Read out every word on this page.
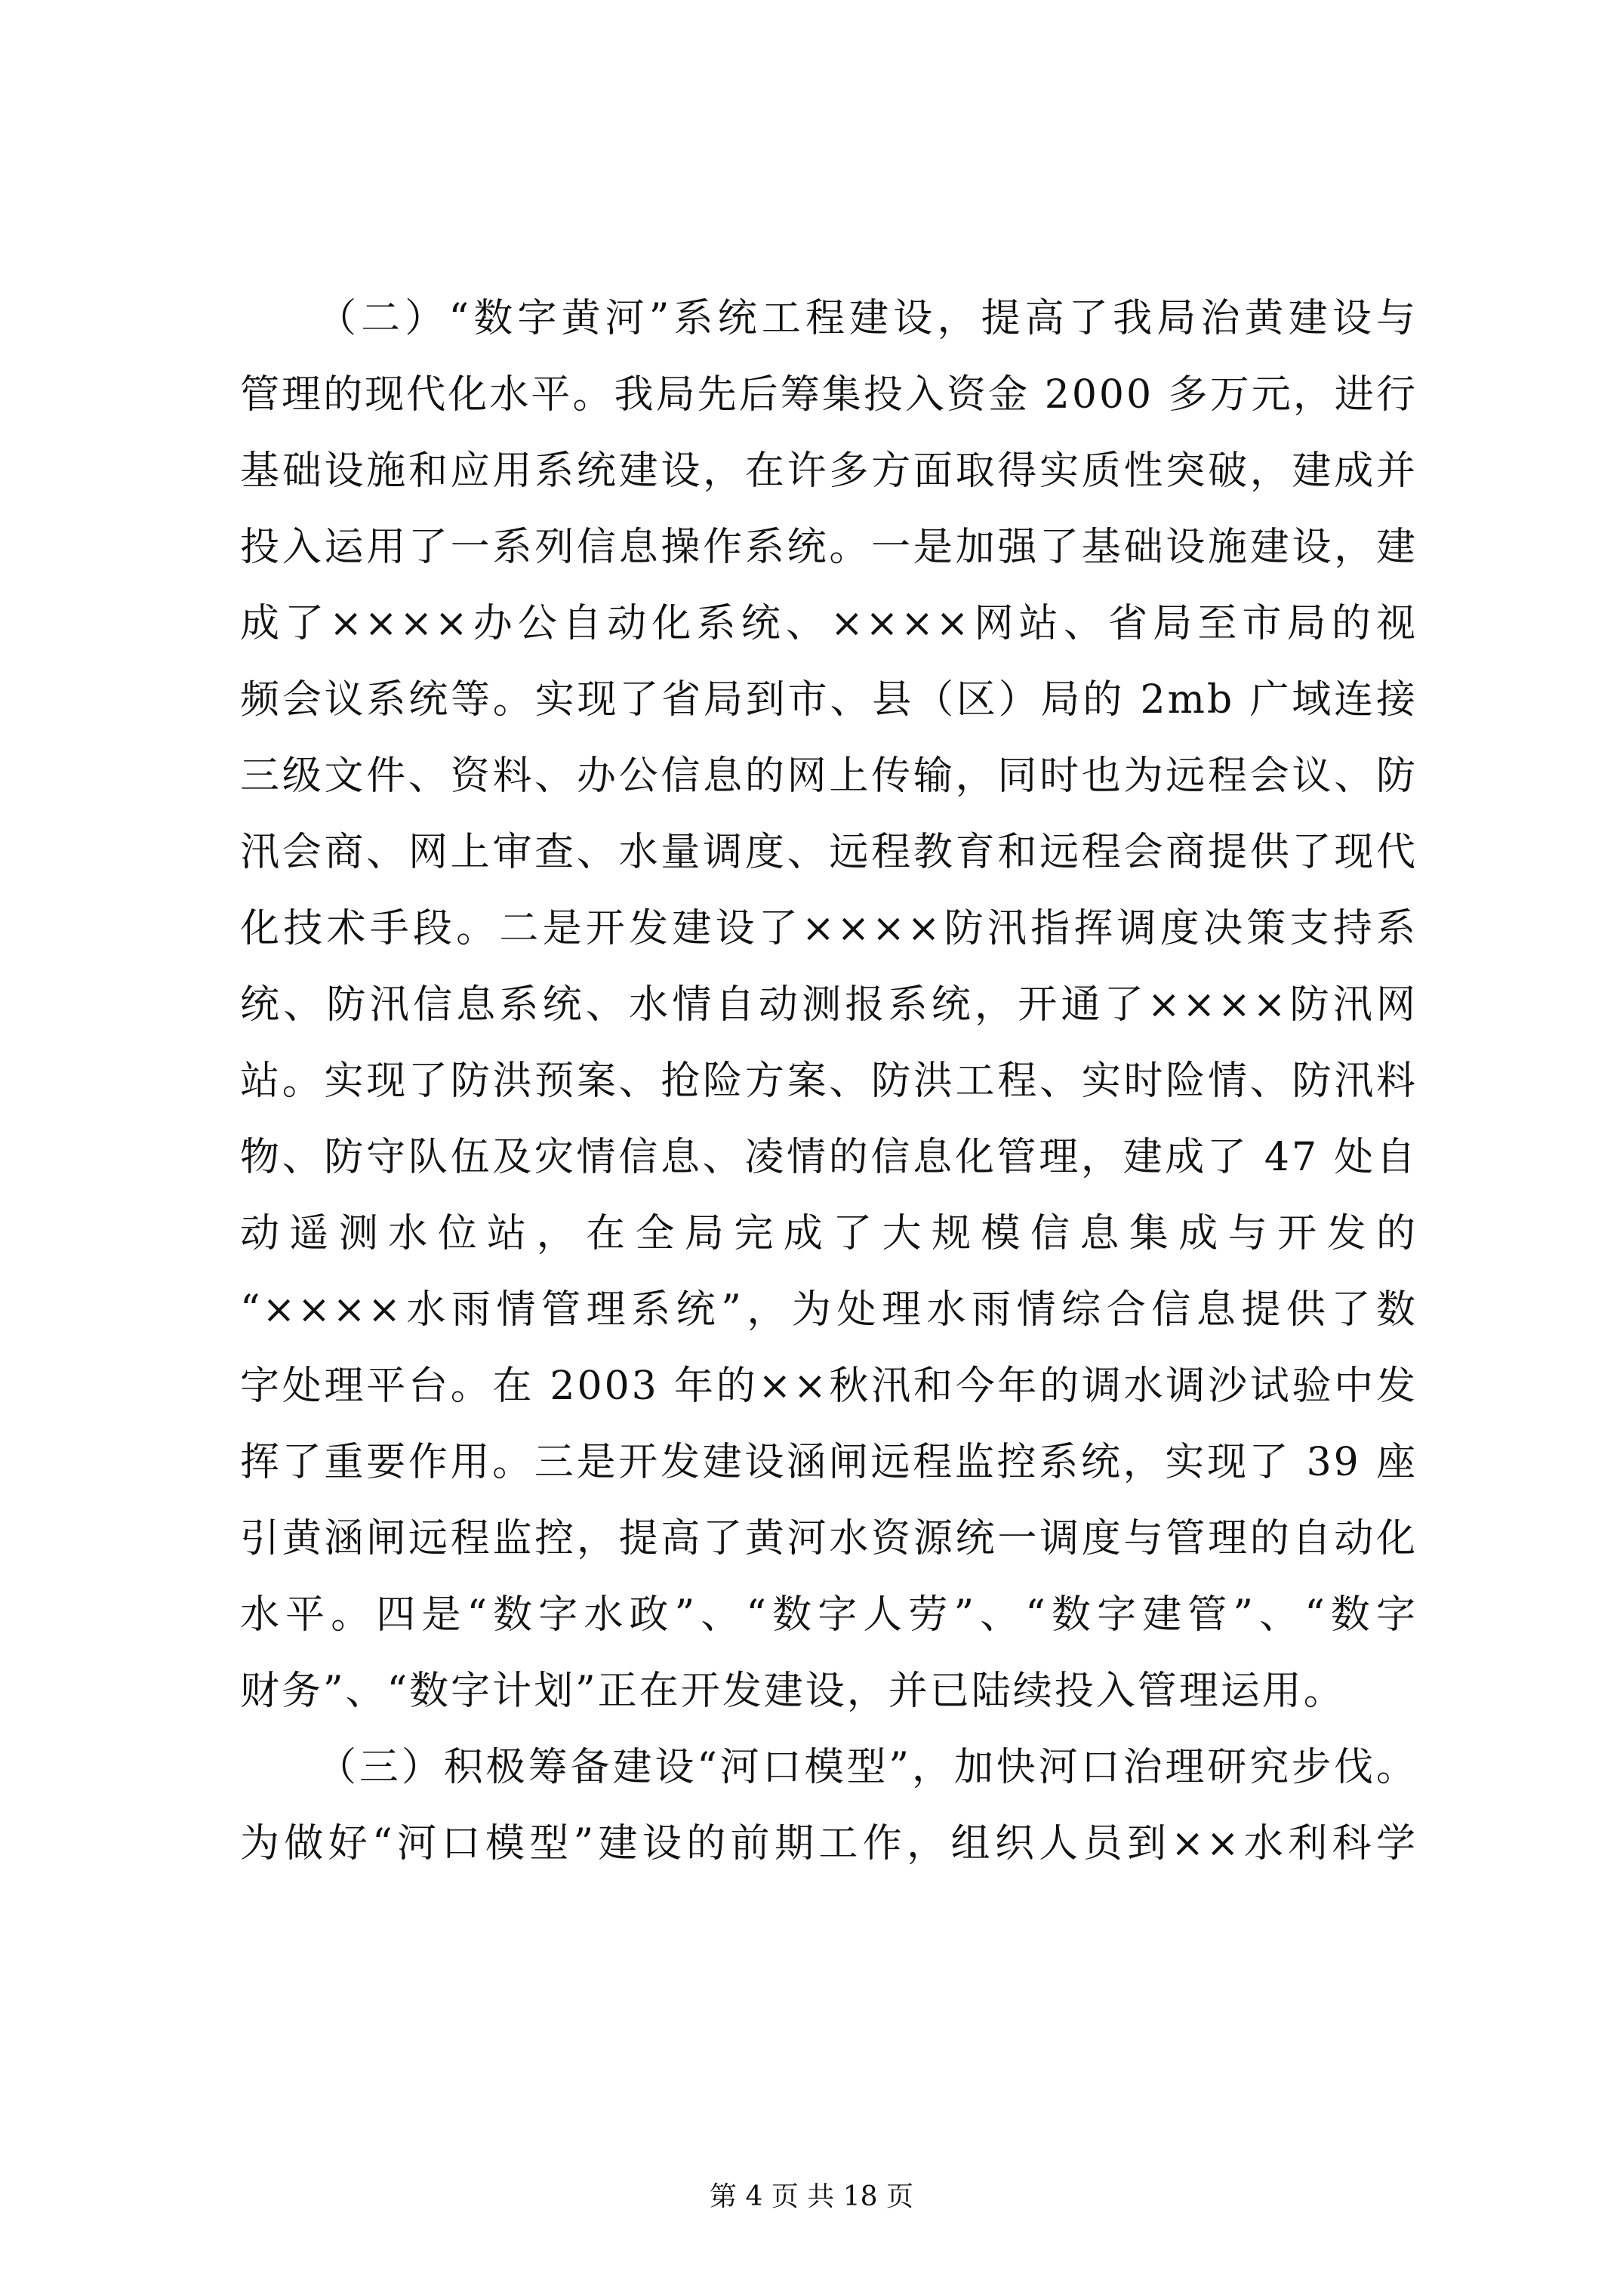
（二）“数字黄河”系统工程建设，提高了我局治黄建设与
管理的现代化水平。我局先后筹集投入资金 2000 多万元，进行
基础设施和应用系统建设，在许多方面取得实质性突破，建成并
投入运用了一系列信息操作系统。一是加强了基础设施建设，建
成了××××办公自动化系统、××××网站、省局至市局的视
频会议系统等。实现了省局到市、县（区）局的 2mb 广域连接
三级文件、资料、办公信息的网上传输，同时也为远程会议、防
汛会商、网上审查、水量调度、远程教育和远程会商提供了现代
化技术手段。二是开发建设了××××防汛指挥调度决策支持系
统、防汛信息系统、水情自动测报系统，开通了××××防汛网
站。实现了防洪预案、抢险方案、防洪工程、实时险情、防汛料
物、防守队伍及灾情信息、凌情的信息化管理，建成了 47 处自
动遥测水位站，在全局完成了大规模信息集成与开发的
“××××水雨情管理系统”，为处理水雨情综合信息提供了数
字处理平台。在 2003 年的××秋汛和今年的调水调沙试验中发
挥了重要作用。三是开发建设涵闸远程监控系统，实现了 39 座
引黄涵闸远程监控，提高了黄河水资源统一调度与管理的自动化
水平。四是“数字水政”、“数字人劳”、“数字建管”、“数字
财务”、“数字计划”正在开发建设，并已陆续投入管理运用。
（三）积极筹备建设“河口模型”，加快河口治理研究步伐。
为做好“河口模型”建设的前期工作，组织人员到××水利科学
第 4 页 共 18 页
